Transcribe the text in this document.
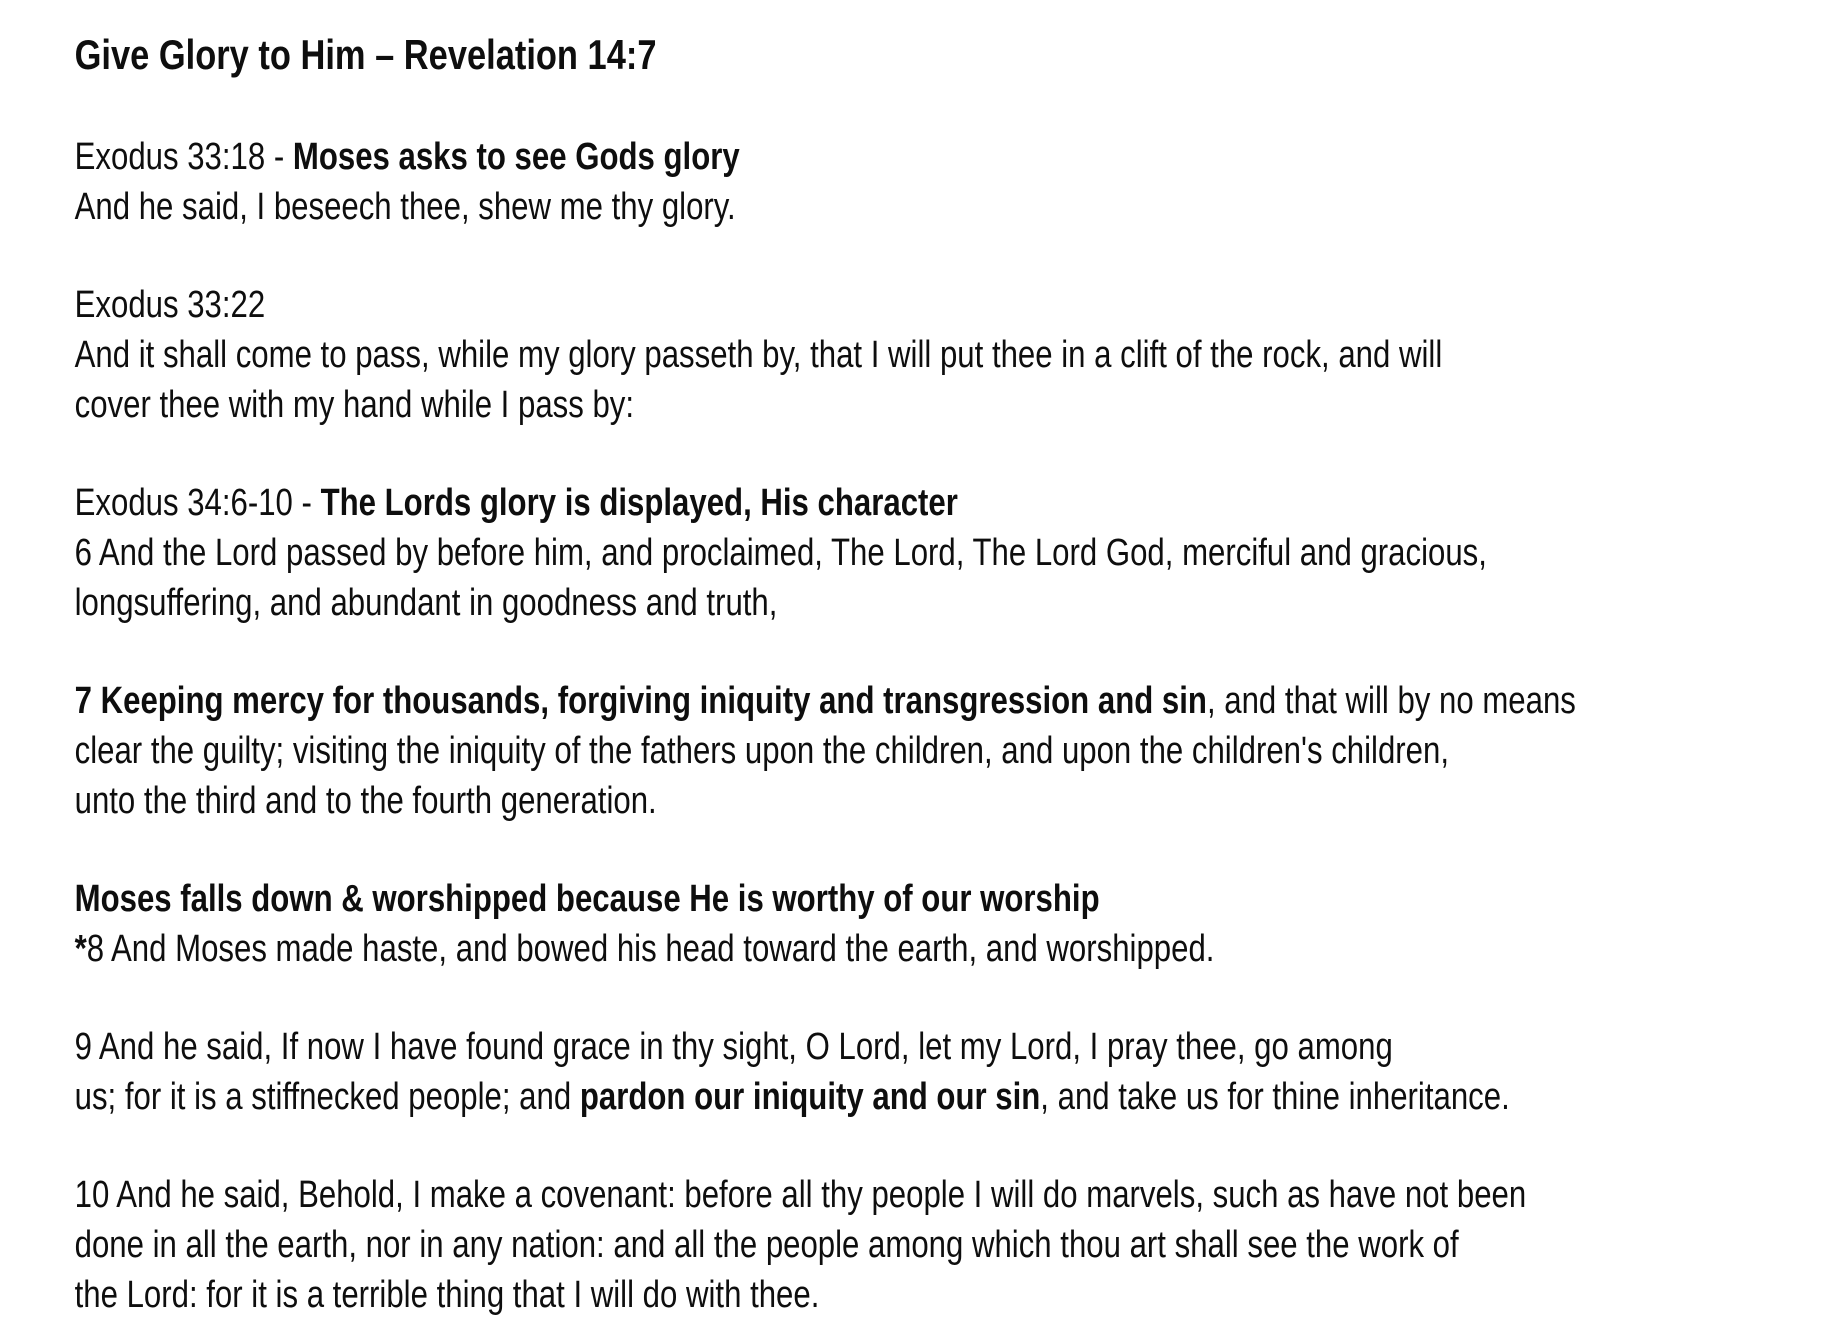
Give Glory to Him – Revelation 14:7
Exodus 33:18 - Moses asks to see Gods glory
And he said, I beseech thee, shew me thy glory.
Exodus 33:22
And it shall come to pass, while my glory passeth by, that I will put thee in a clift of the rock, and will
cover thee with my hand while I pass by:
Exodus 34:6-10 - The Lords glory is displayed, His character
6 And the Lord passed by before him, and proclaimed, The Lord, The Lord God, merciful and gracious,
longsuffering, and abundant in goodness and truth,
7 Keeping mercy for thousands, forgiving iniquity and transgression and sin, and that will by no means
clear the guilty; visiting the iniquity of the fathers upon the children, and upon the children's children,
unto the third and to the fourth generation.
Moses falls down & worshipped because He is worthy of our worship
*8 And Moses made haste, and bowed his head toward the earth, and worshipped.
9 And he said, If now I have found grace in thy sight, O Lord, let my Lord, I pray thee, go among
us; for it is a stiffnecked people; and pardon our iniquity and our sin, and take us for thine inheritance.
10 And he said, Behold, I make a covenant: before all thy people I will do marvels, such as have not been
done in all the earth, nor in any nation: and all the people among which thou art shall see the work of
the Lord: for it is a terrible thing that I will do with thee.
